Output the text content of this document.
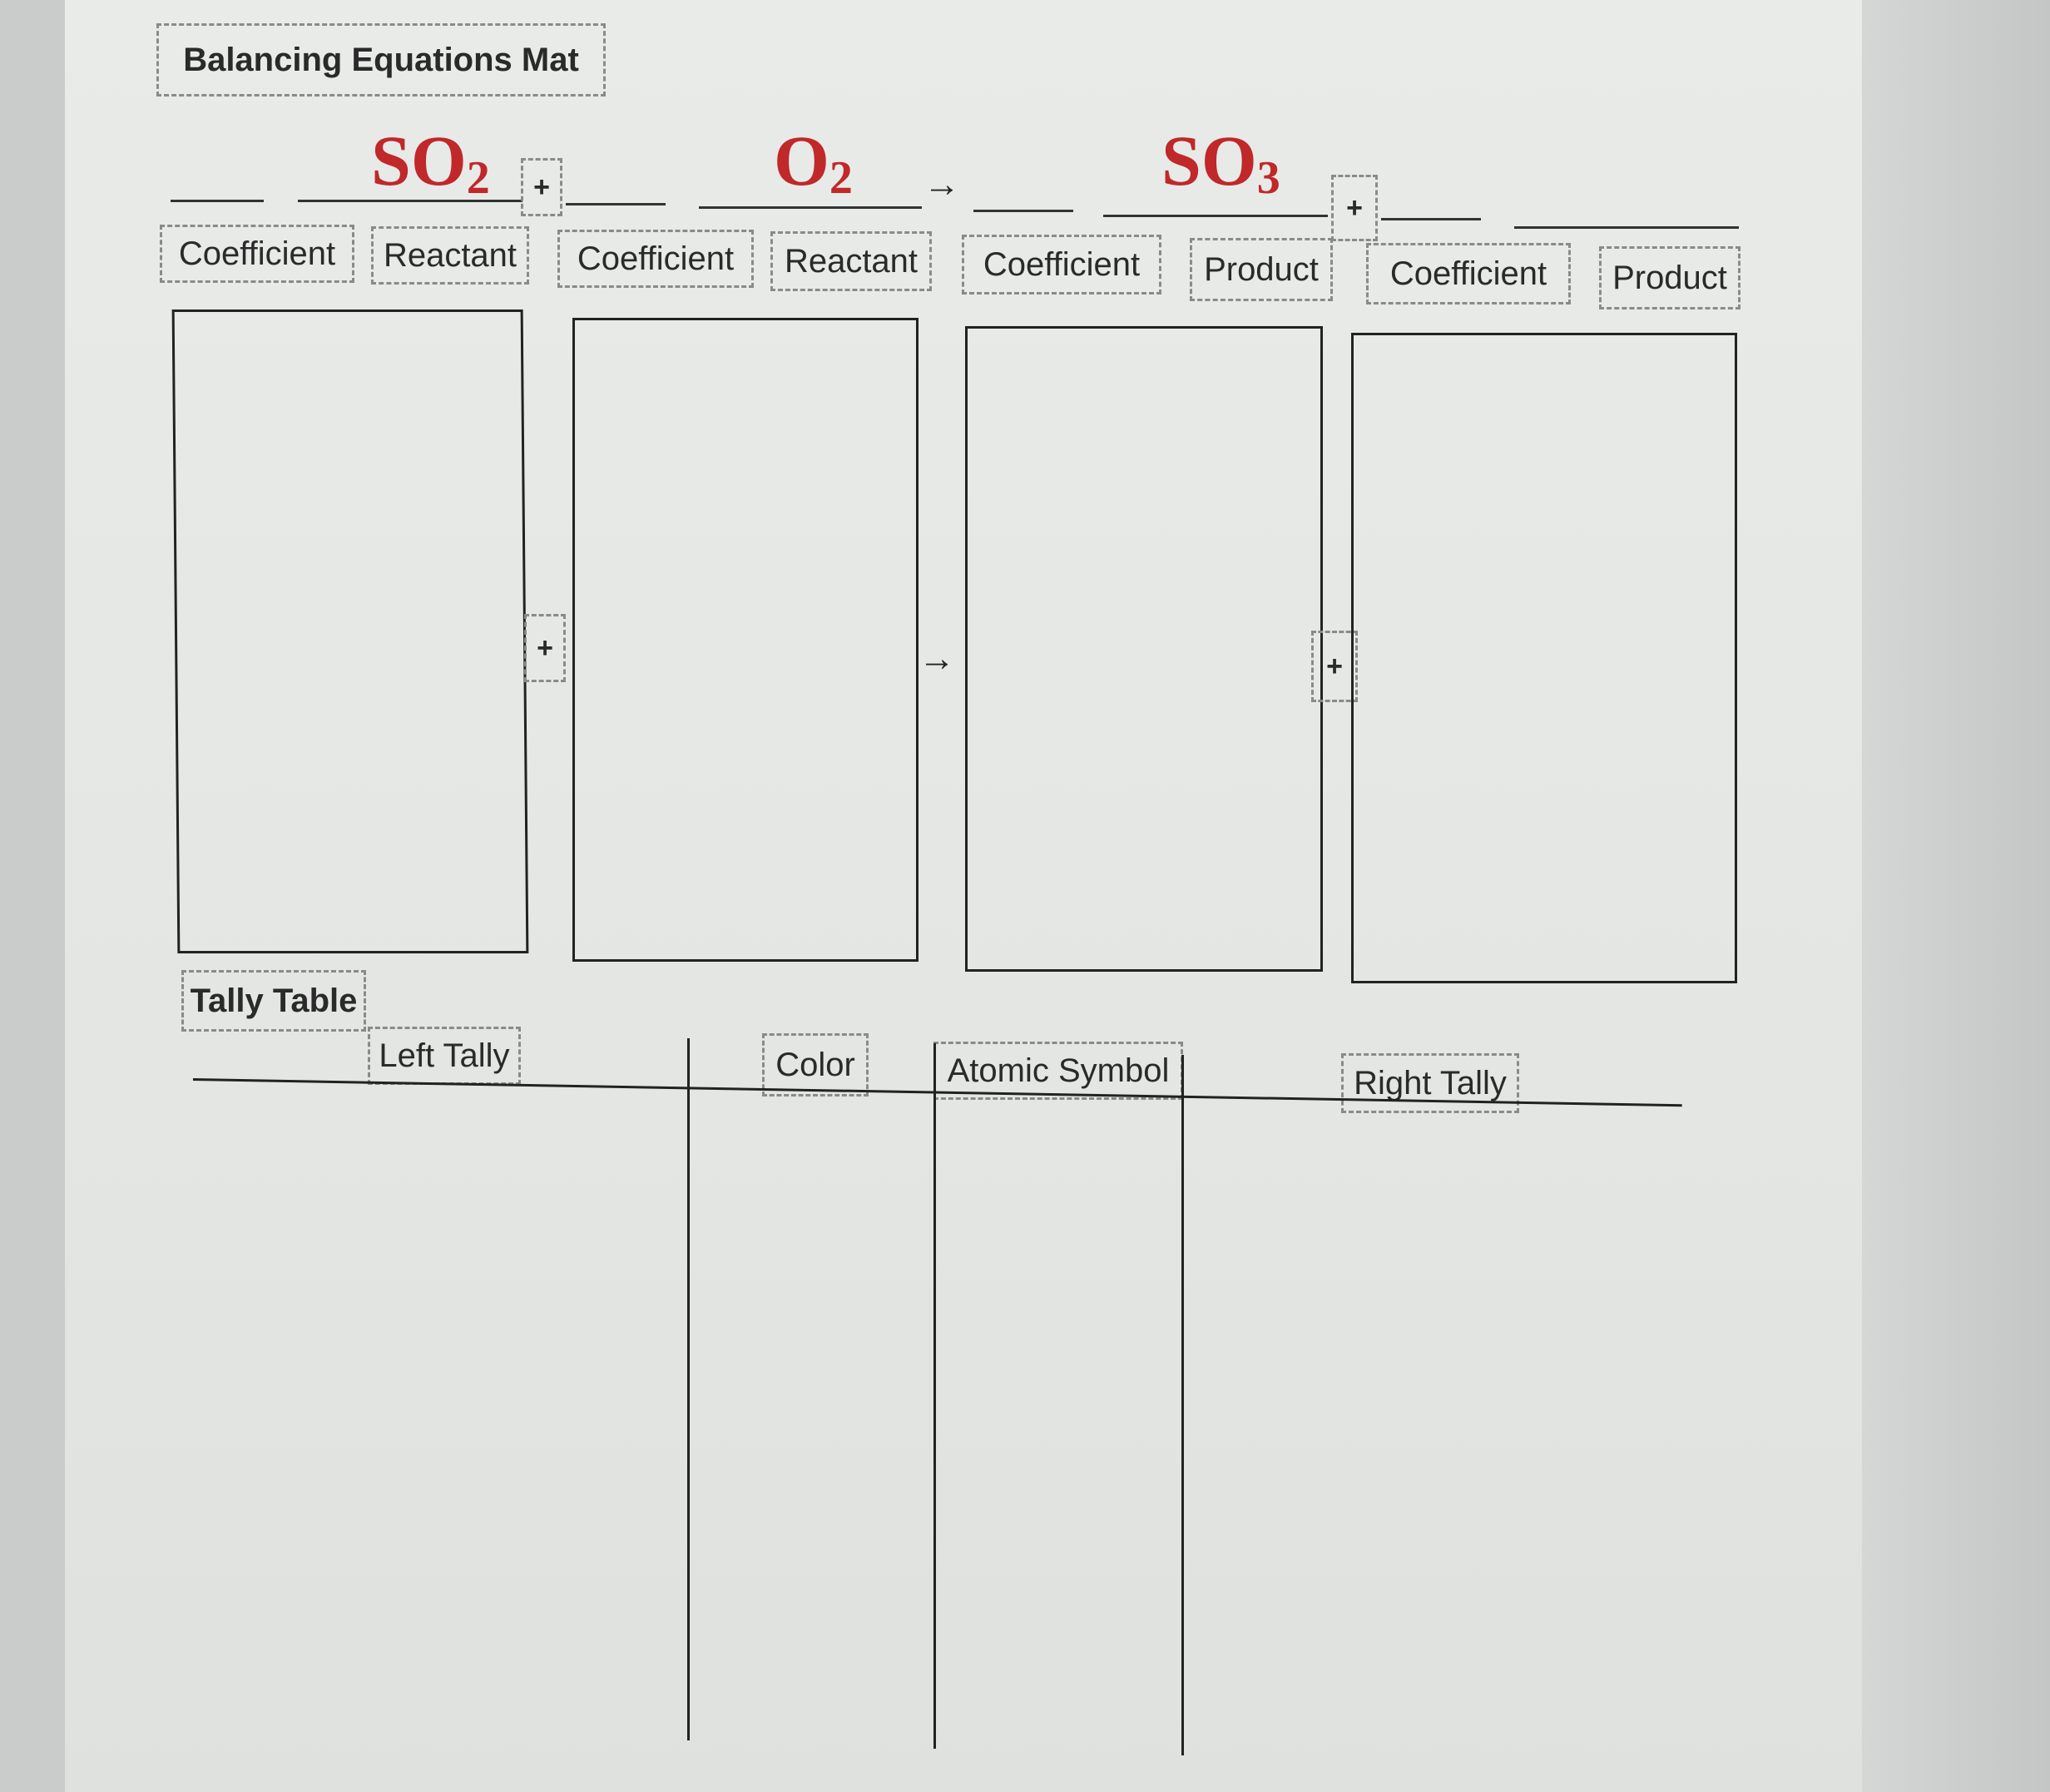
Balancing Equations Mat
$SO_2$	+	$O_2$ →	$SO_3$
+
Coefficient	Reactant	Coefficient	Reactant	Coefficient	Product	Coefficient	Product
+	→	+
Tally Table
Left Tally	Color	Atomic Symbol	Right Tally
